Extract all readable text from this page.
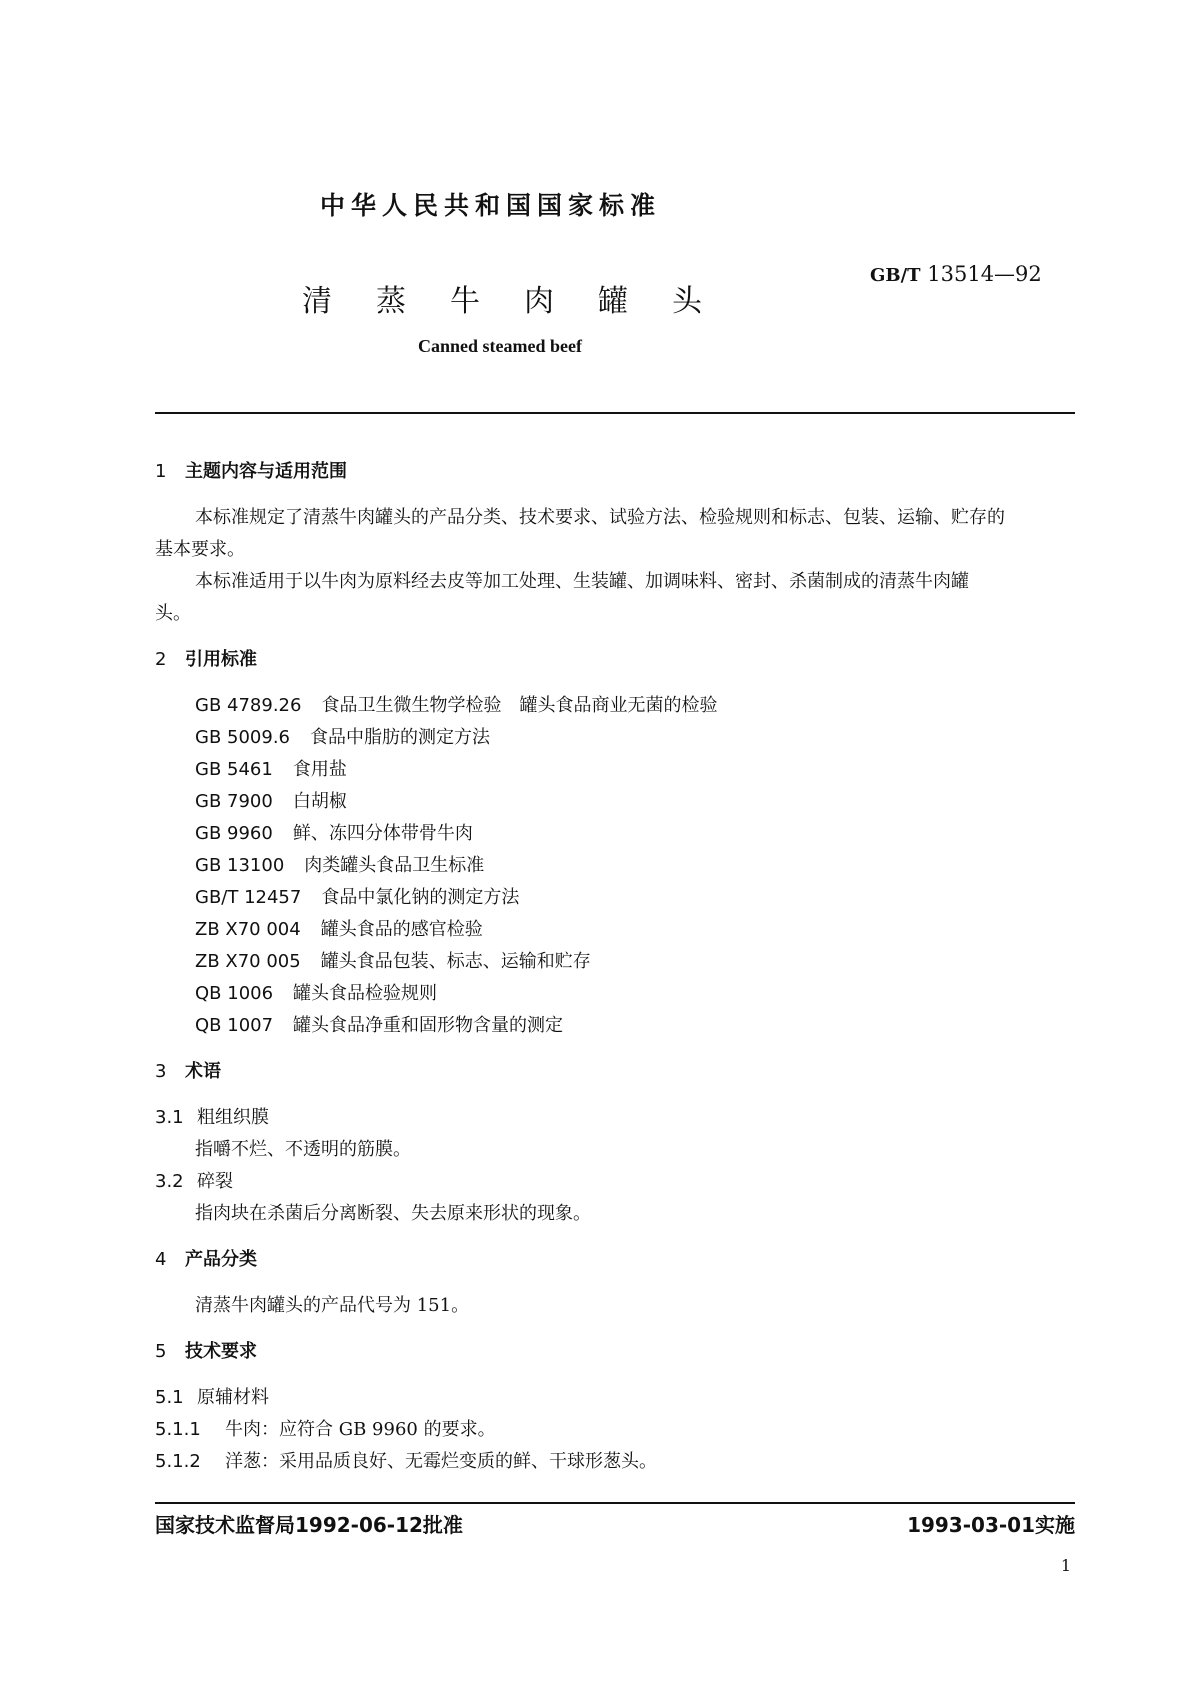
中华人民共和国国家标准
GB/T 13514—92
清蒸牛肉罐头
Canned steamed beef

1 主题内容与适用范围

本标准规定了清蒸牛肉罐头的产品分类、技术要求、试验方法、检验规则和标志、包装、运输、贮存的

基本要求。

本标准适用于以牛肉为原料经去皮等加工处理、生装罐、加调味料、密封、杀菌制成的清蒸牛肉罐

头。

2 引用标准

GB 4789.26 食品卫生微生物学检验　罐头食品商业无菌的检验

GB 5009.6 食品中脂肪的测定方法

GB 5461 食用盐

GB 7900 白胡椒

GB 9960 鲜、冻四分体带骨牛肉

GB 13100 肉类罐头食品卫生标准

GB/T 12457 食品中氯化钠的测定方法

ZB X70 004 罐头食品的感官检验

ZB X70 005 罐头食品包装、标志、运输和贮存

QB 1006 罐头食品检验规则

QB 1007 罐头食品净重和固形物含量的测定

3 术语

3.1 粗组织膜

指嚼不烂、不透明的筋膜。

3.2 碎裂

指肉块在杀菌后分离断裂、失去原来形状的现象。

4 产品分类

清蒸牛肉罐头的产品代号为 151。

5 技术要求

5.1 原辅材料

5.1.1 牛肉：应符合 GB 9960 的要求。

5.1.2 洋葱：采用品质良好、无霉烂变质的鲜、干球形葱头。

国家技术监督局1992-06-12批准	1993-03-01实施
1
